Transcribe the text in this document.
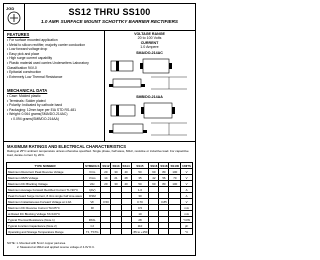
JGD	SS12 THRU SS100
1.0 AMP. SURFACE MOUNT SCHOTTKY BARRIER RECTIFIERS
FEATURES
• For surface mounted application
• Metal to silicon rectifier, majority carrier conduction
• Low forward voltage drop
• Easy pick and place
• High surge current capability
• Plastic material used carries Underwriters Laboratory Classification 94V-0
• Epitaxial construction
• Extremely Low Thermal Resistance
MECHANICAL DATA
• Case: Molded plastic
• Terminals: Solder plated
• Polarity: Indicated by cathode band
• Packaging: 12mm tape per EIA STD RS-481
• Weight: 0.064 grams(SMA/DO-214AC)
• 0.094 grams(SMB/DO-214AA)
VOLTAGE RANGE
20 to 100 Volts
CURRENT
1.0 Ampere
SMA/DO-214AC
SMB/DO-214AA
MAXIMUM RATINGS AND ELECTRICAL CHARACTERISTICS
Rating at 25°C ambient temperature unless otherwise specified. Single phase, half wave, 60Hz, resistive or inductive load. For capacitive load, derate current by 20%.
TYPE NUMBER	SYMBOLS	SS12	SS13	SS14	SS15	SS16	SS18	SS100	UNITS
Maximum Recurrent Peak Reverse Voltage	Vrrm	20	30	40	50	60	80	100	V
Maximum RMS Voltage	Vrms	14	21	28	35	42	56	70	V
Maximum DC Blocking Voltage	Vdc	20	30	40	50	60	80	100	V
Maximum Average Forward Rectified Current TL=90°C	I(AV)				1.0				A
Peak Forward Surge Current, 8.3ms single half sine-wave	IFSM				30				A
Maximum Instantaneous Forward Voltage at 1.0A	VF	0.50			0.70		0.85		V
Maximum DC Reverse Current TA=25°C	IR				0.5				mA
at Rated DC Blocking Voltage TA=100°C					10				mA
Typical Thermal Resistance (Note 1)	RθJL				28				°C/W
Typical Junction Capacitance (Note 2)	CJ				110				pF
Operating and Storage Temperature Range	TJ, TSTG				-55 to +150				°C
NOTE: 1. Mounted with 5mm² copper pad area.
2. Measured at 1MHz and applied reverse voltage of 4.0V D.C.
